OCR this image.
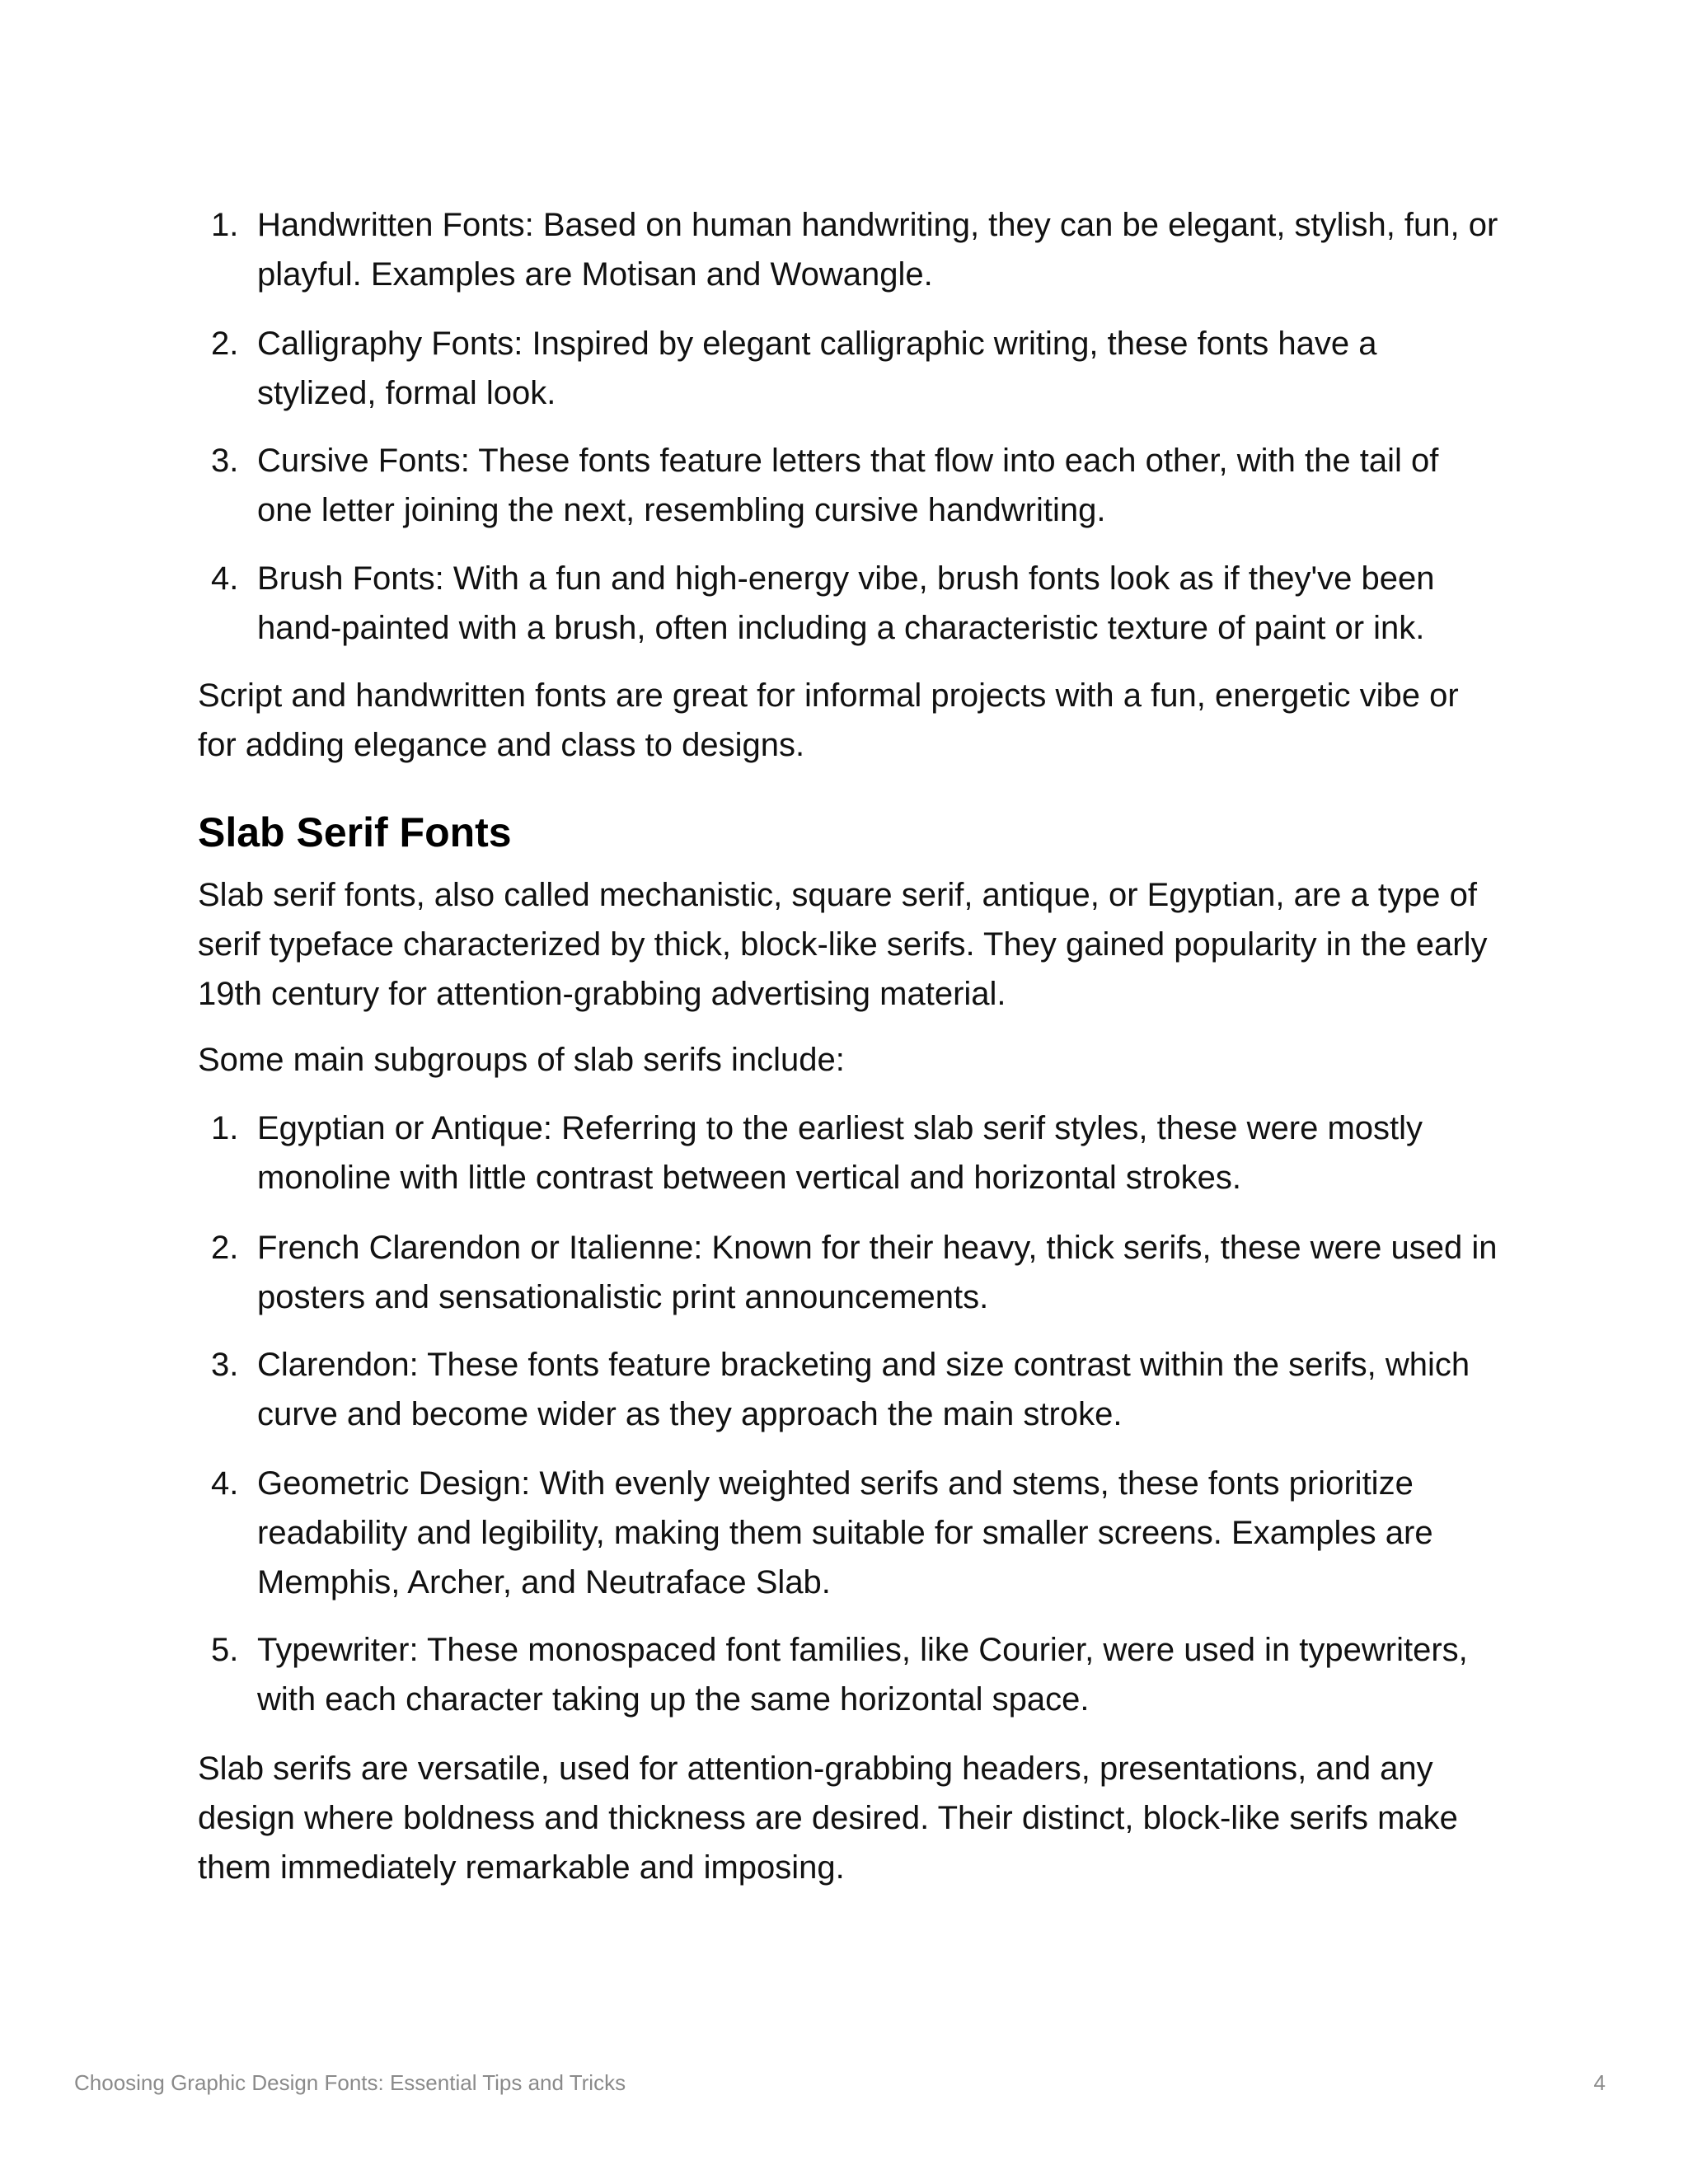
1. Handwritten Fonts: Based on human handwriting, they can be elegant, stylish, fun, or playful. Examples are Motisan and Wowangle.
2. Calligraphy Fonts: Inspired by elegant calligraphic writing, these fonts have a stylized, formal look.
3. Cursive Fonts: These fonts feature letters that flow into each other, with the tail of one letter joining the next, resembling cursive handwriting.
4. Brush Fonts: With a fun and high-energy vibe, brush fonts look as if they've been hand-painted with a brush, often including a characteristic texture of paint or ink.

Script and handwritten fonts are great for informal projects with a fun, energetic vibe or for adding elegance and class to designs.

Slab Serif Fonts

Slab serif fonts, also called mechanistic, square serif, antique, or Egyptian, are a type of serif typeface characterized by thick, block-like serifs. They gained popularity in the early 19th century for attention-grabbing advertising material.

Some main subgroups of slab serifs include:

1. Egyptian or Antique: Referring to the earliest slab serif styles, these were mostly monoline with little contrast between vertical and horizontal strokes.
2. French Clarendon or Italienne: Known for their heavy, thick serifs, these were used in posters and sensationalistic print announcements.
3. Clarendon: These fonts feature bracketing and size contrast within the serifs, which curve and become wider as they approach the main stroke.
4. Geometric Design: With evenly weighted serifs and stems, these fonts prioritize readability and legibility, making them suitable for smaller screens. Examples are Memphis, Archer, and Neutraface Slab.
5. Typewriter: These monospaced font families, like Courier, were used in typewriters, with each character taking up the same horizontal space.

Slab serifs are versatile, used for attention-grabbing headers, presentations, and any design where boldness and thickness are desired. Their distinct, block-like serifs make them immediately remarkable and imposing.

Choosing Graphic Design Fonts: Essential Tips and Tricks	4
